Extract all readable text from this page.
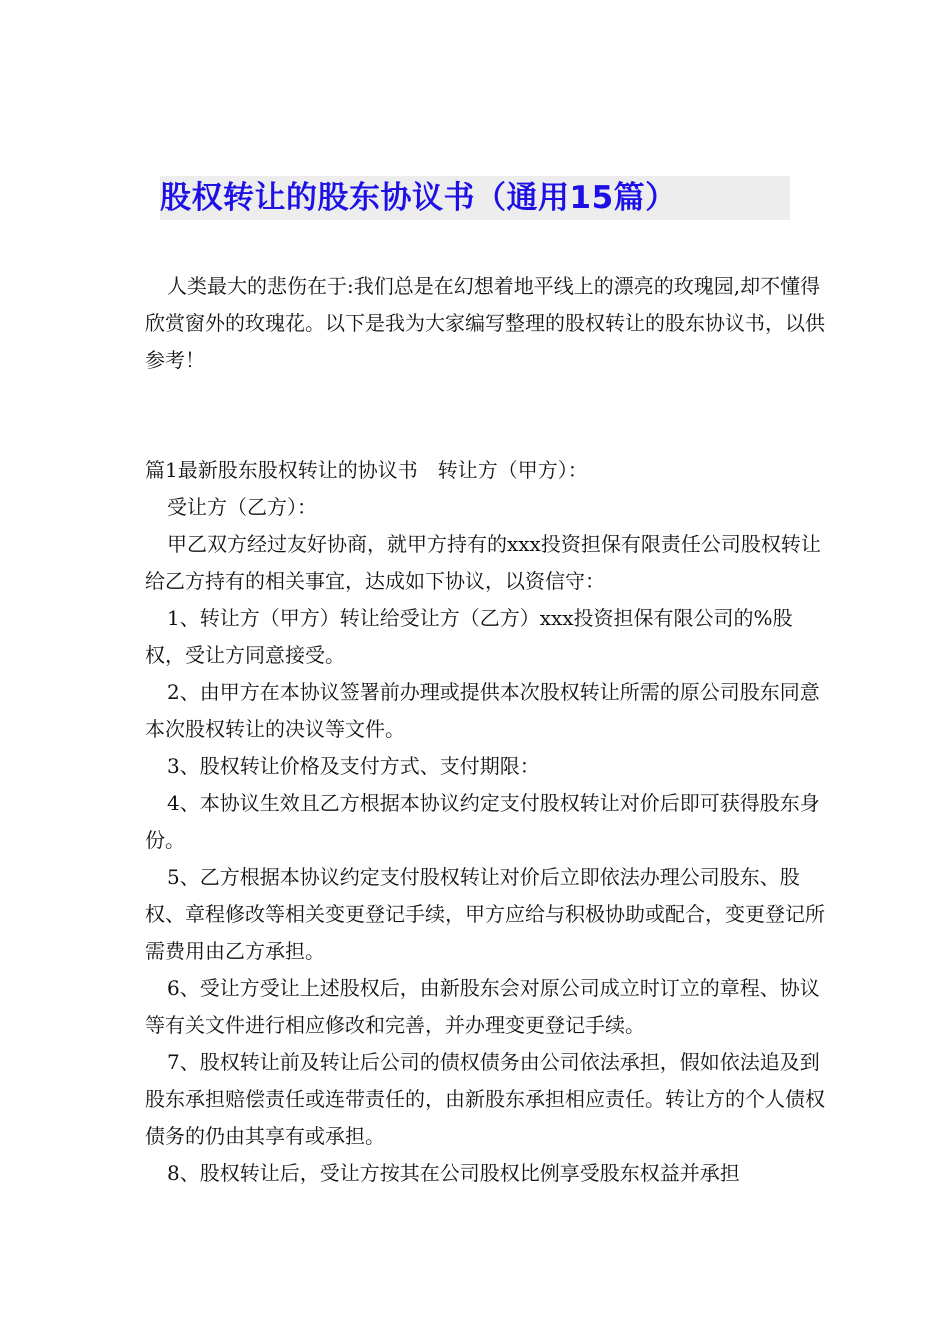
股权转让的股东协议书（通用15篇）

人类最大的悲伤在于:我们总是在幻想着地平线上的漂亮的玫瑰园,却不懂得欣赏窗外的玫瑰花。以下是我为大家编写整理的股权转让的股东协议书，以供参考！

篇1最新股东股权转让的协议书　转让方（甲方）：

受让方（乙方）：

甲乙双方经过友好协商，就甲方持有的xxx投资担保有限责任公司股权转让给乙方持有的相关事宜，达成如下协议，以资信守：

1、转让方（甲方）转让给受让方（乙方）xxx投资担保有限公司的%股权，受让方同意接受。

2、由甲方在本协议签署前办理或提供本次股权转让所需的原公司股东同意本次股权转让的决议等文件。

3、股权转让价格及支付方式、支付期限：

4、本协议生效且乙方根据本协议约定支付股权转让对价后即可获得股东身份。

5、乙方根据本协议约定支付股权转让对价后立即依法办理公司股东、股权、章程修改等相关变更登记手续，甲方应给与积极协助或配合，变更登记所需费用由乙方承担。

6、受让方受让上述股权后，由新股东会对原公司成立时订立的章程、协议等有关文件进行相应修改和完善，并办理变更登记手续。

7、股权转让前及转让后公司的债权债务由公司依法承担，假如依法追及到股东承担赔偿责任或连带责任的，由新股东承担相应责任。转让方的个人债权债务的仍由其享有或承担。

8、股权转让后，受让方按其在公司股权比例享受股东权益并承担
